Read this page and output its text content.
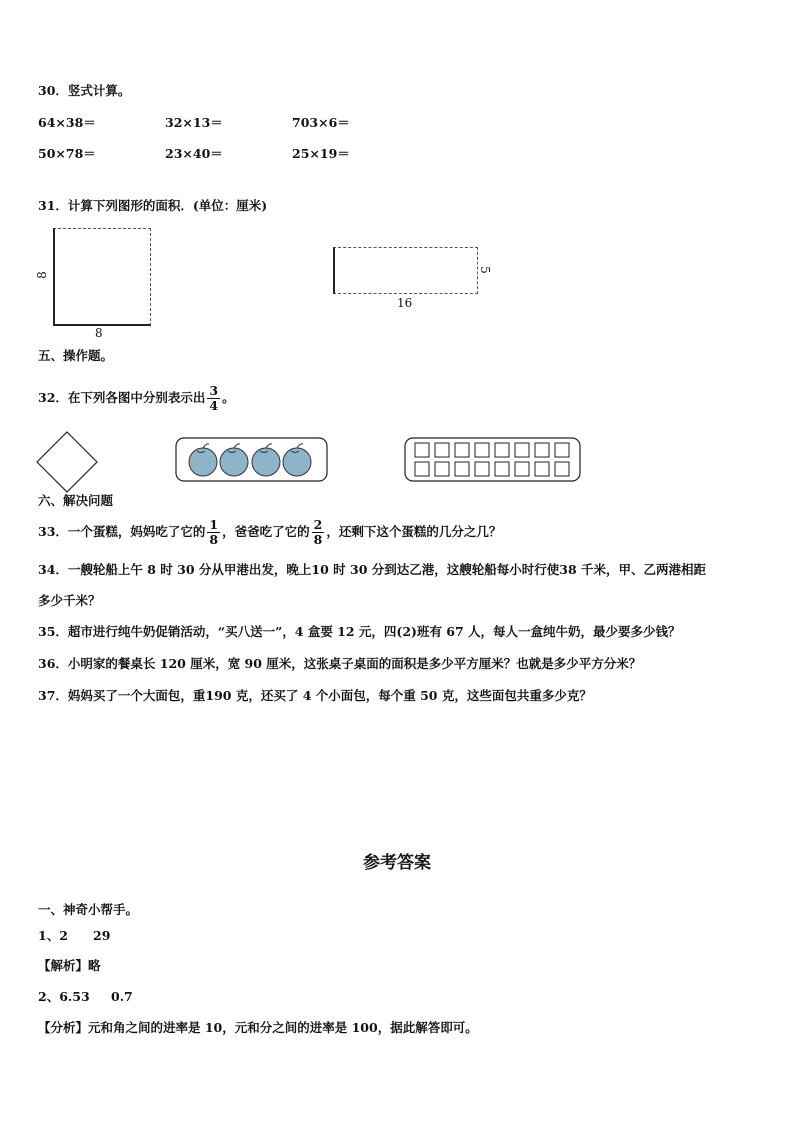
30．竖式计算。
64×38＝	32×13＝	703×6＝
50×78＝	23×40＝	25×19＝
31．计算下列图形的面积．(单位：厘米)
8
8
5
16
五、操作题。
32．在下列各图中分别表示出 $\frac{3}{4}$ 。
六、解决问题
33．一个蛋糕，妈妈吃了它的 $\frac{1}{8}$ ，爸爸吃了它的 $\frac{2}{8}$ ，还剩下这个蛋糕的几分之几？
34．一艘轮船上午 8 时 30 分从甲港出发，晚上10 时 30 分到达乙港，这艘轮船每小时行使38 千米，甲、乙两港相距
多少千米？
35．超市进行纯牛奶促销活动，“买八送一”，4 盒要 12 元，四(2)班有 67 人，每人一盒纯牛奶，最少要多少钱？
36．小明家的餐桌长 120 厘米，宽 90 厘米，这张桌子桌面的面积是多少平方厘米？也就是多少平方分米？
37．妈妈买了一个大面包，重190 克，还买了 4 个小面包，每个重 50 克，这些面包共重多少克？
参考答案
一、神奇小帮手。
1、2 29
【解析】略
2、6.53 0.7
【分析】元和角之间的进率是 10，元和分之间的进率是 100，据此解答即可。
